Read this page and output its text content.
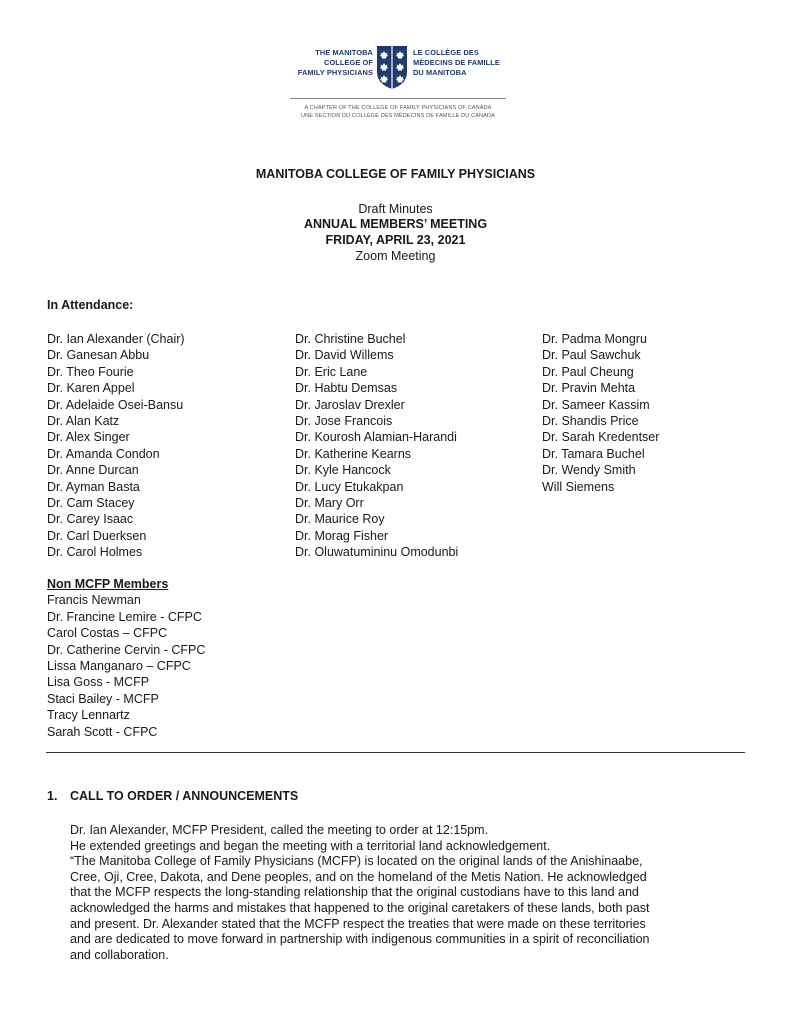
THE MANITOBA
COLLEGE OF
FAMILY PHYSICIANS
LE COLLÈGE DES
MÉDECINS DE FAMILLE
DU MANITOBA
A CHAPTER OF THE COLLEGE OF FAMILY PHYSICIANS OF CANADA
UNE SECTION DU COLLÈGE DES MÉDECINS DE FAMILLE DU CANADA
MANITOBA COLLEGE OF FAMILY PHYSICIANS
Draft Minutes
ANNUAL MEMBERS’ MEETING
FRIDAY, APRIL 23, 2021
Zoom Meeting
In Attendance:
Dr. Ian Alexander (Chair)
Dr. Ganesan Abbu
Dr. Theo Fourie
Dr. Karen Appel
Dr. Adelaide Osei-Bansu
Dr. Alan Katz
Dr. Alex Singer
Dr. Amanda Condon
Dr. Anne Durcan
Dr. Ayman Basta
Dr. Cam Stacey
Dr. Carey Isaac
Dr. Carl Duerksen
Dr. Carol Holmes
Dr. Christine Buchel
Dr. David Willems
Dr. Eric Lane
Dr. Habtu Demsas
Dr. Jaroslav Drexler
Dr. Jose Francois
Dr. Kourosh Alamian-Harandi
Dr. Katherine Kearns
Dr. Kyle Hancock
Dr. Lucy Etukakpan
Dr. Mary Orr
Dr. Maurice Roy
Dr. Morag Fisher
Dr. Oluwatumininu Omodunbi
Dr. Padma Mongru
Dr. Paul Sawchuk
Dr. Paul Cheung
Dr. Pravin Mehta
Dr. Sameer Kassim
Dr. Shandis Price
Dr. Sarah Kredentser
Dr. Tamara Buchel
Dr. Wendy Smith
Will Siemens
Non MCFP Members
Francis Newman
Dr. Francine Lemire - CFPC
Carol Costas – CFPC
Dr. Catherine Cervin - CFPC
Lissa Manganaro – CFPC
Lisa Goss - MCFP
Staci Bailey - MCFP
Tracy Lennartz
Sarah Scott - CFPC
1. CALL TO ORDER / ANNOUNCEMENTS

Dr. Ian Alexander, MCFP President, called the meeting to order at 12:15pm.

He extended greetings and began the meeting with a territorial land acknowledgement.

“The Manitoba College of Family Physicians (MCFP) is located on the original lands of the Anishinaabe,

Cree, Oji, Cree, Dakota, and Dene peoples, and on the homeland of the Metis Nation. He acknowledged

that the MCFP respects the long-standing relationship that the original custodians have to this land and

acknowledged the harms and mistakes that happened to the original caretakers of these lands, both past

and present. Dr. Alexander stated that the MCFP respect the treaties that were made on these territories

and are dedicated to move forward in partnership with indigenous communities in a spirit of reconciliation

and collaboration.
